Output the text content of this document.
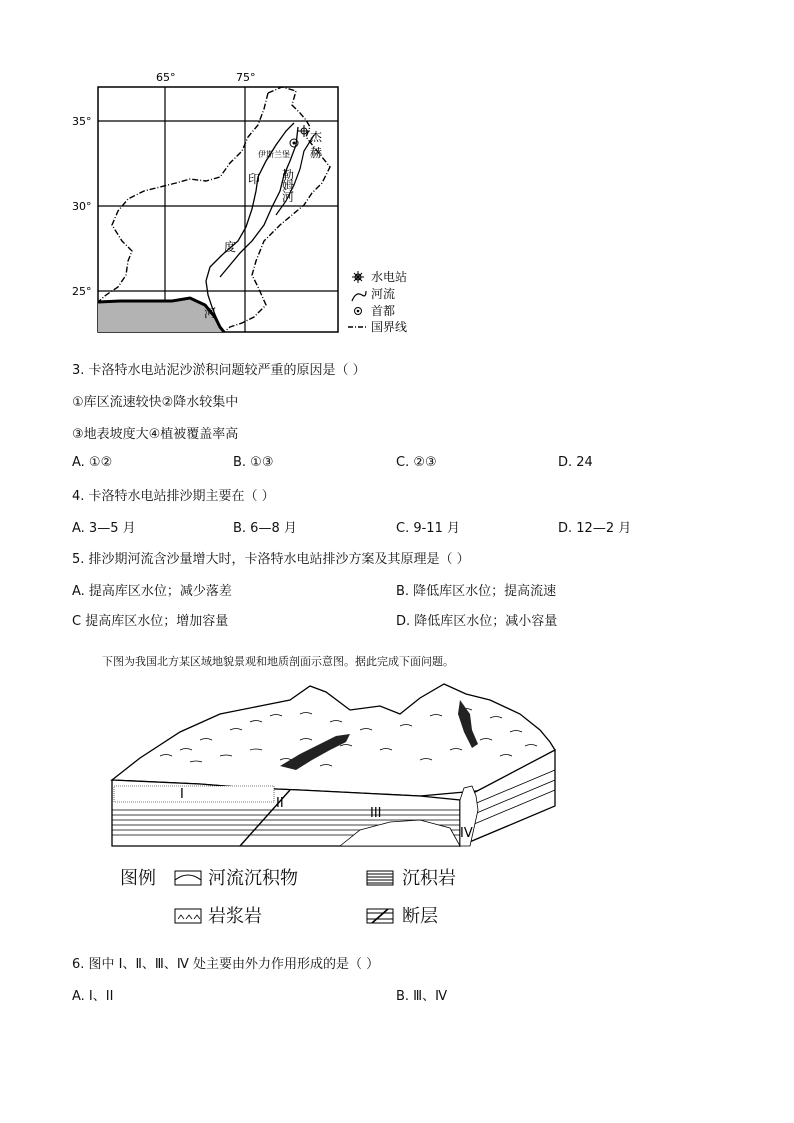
65°	75°
35°
30°
25°
伊斯兰堡
杰
赫
印
度
河
勒
姆
河
水电站
河流
首都
国界线
3. 卡洛特水电站泥沙淤积问题较严重的原因是（ ）
①库区流速较快②降水较集中
③地表坡度大④植被覆盖率高
A. ①②	B. ①③	C. ②③	D. 24
4. 卡洛特水电站排沙期主要在（ ）
A. 3—5 月	B. 6—8 月	C. 9-11 月	D. 12—2 月
5. 排沙期河流含沙量增大时，卡洛特水电站排沙方案及其原理是（ ）
A. 提高库区水位；减少落差	B. 降低库区水位；提高流速
C 提高库区水位；增加容量	D. 降低库区水位；减小容量
下图为我国北方某区域地貌景观和地质剖面示意图。据此完成下面问题。
I
II
III
IV
图例	河流沉积物	沉积岩
岩浆岩	断层
6. 图中 I、Ⅱ、Ⅲ、Ⅳ 处主要由外力作用形成的是（ ）
A. I、II	B. Ⅲ、Ⅳ
